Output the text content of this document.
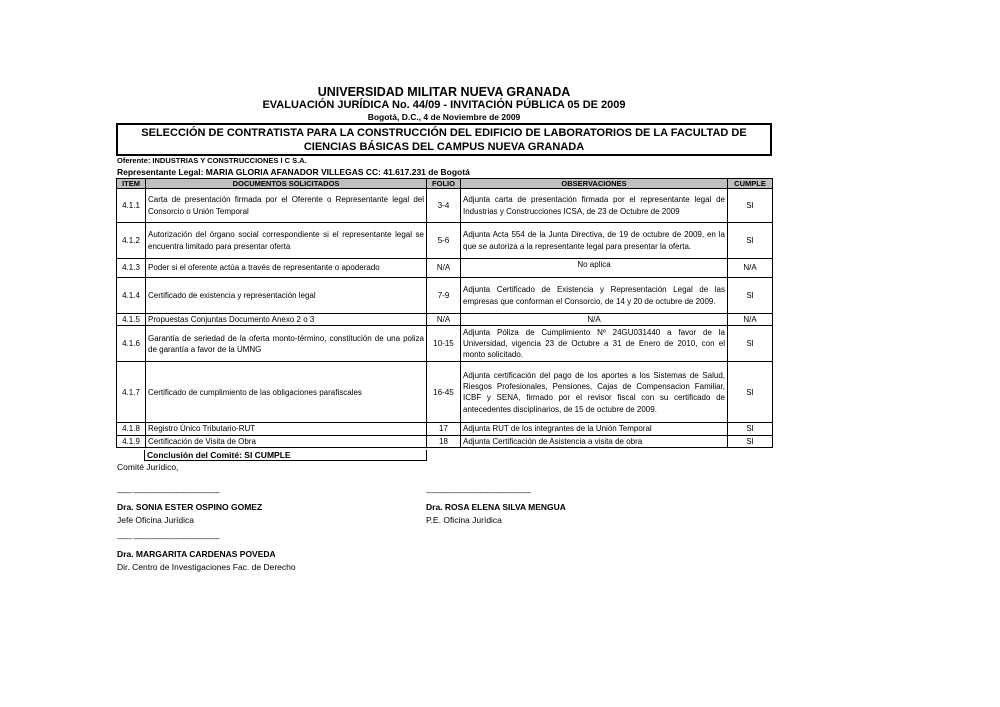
UNIVERSIDAD MILITAR NUEVA GRANADA
EVALUACIÓN JURÍDICA No. 44/09 - INVITACIÓN PÚBLICA 05 DE 2009
Bogotá, D.C., 4 de Noviembre de 2009
SELECCIÓN DE CONTRATISTA PARA LA CONSTRUCCIÓN DEL EDIFICIO DE LABORATORIOS DE LA FACULTAD DE
CIENCIAS BÁSICAS DEL CAMPUS NUEVA GRANADA
Oferente: INDUSTRIAS Y CONSTRUCCIONES I C S.A.
Representante Legal: MARIA GLORIA AFANADOR VILLEGAS CC: 41.617.231 de Bogotá
ITEM	DOCUMENTOS SOLICITADOS	FOLIO	OBSERVACIONES	CUMPLE
4.1.1	Carta de presentación firmada por el Oferente o Representante legal del Consorcio o Unión Temporal	3-4	Adjunta carta de presentación firmada por el representante legal de Industrias y Construcciones ICSA, de 23 de Octubre de 2009	SI
4.1.2	Autorización del órgano social correspondiente si el representante legal se encuentra limitado para presentar oferta	5-6	Adjunta Acta 554 de la Junta Directiva, de 19 de octubre de 2009, en la que se autoriza a la representante legal para presentar la oferta.	SI
4.1.3	Poder si el oferente actúa a través de representante o apoderado	N/A	No aplica	N/A
4.1.4	Certificado de existencia y representación legal	7-9	Adjunta Certificado de Existencia y Representación Legal de las empresas que conforman el Consorcio, de 14 y 20 de octubre de 2009.	SI
4.1.5	Propuestas Conjuntas Documento Anexo 2 o 3	N/A	N/A	N/A
4.1.6	Garantía de seriedad de la oferta monto-término, constitución de una poliza de garantía a favor de la UMNG	10-15	Adjunta Póliza de Cumplimiento Nº 24GU031440 a favor de la Universidad, vigencia 23 de Octubre a 31 de Enero de 2010, con el monto solicitado.	SI
4.1.7	Certificado de cumplimiento de las obligaciones parafiscales	16-45	Adjunta certificación del pago de los aportes a los Sistemas de Salud, Riesgos Profesionales, Pensiones, Cajas de Compensacion Familiar, ICBF y SENA, firmado por el revisor fiscal con su certificado de antecedentes disciplinarios, de 15 de octubre de 2009.	SI
4.1.8	Registro Único Tributario-RUT	17	Adjunta RUT de los integrantes de la Unión Temporal	SI
4.1.9	Certificación de Visita de Obra	18	Adjunta Certificación de Asistencia a visita de obra	SI
Conclusión del Comité: SI CUMPLE
Comité Jurídico,
-------- -----------------------------------------------
Dra. SONIA ESTER OSPINO GOMEZ
Jefe Oficina Jurídica
---------------------------------------------------------
Dra. ROSA ELENA SILVA MENGUA
P.E. Oficina Jurídica
-------- -----------------------------------------------
Dra. MARGARITA CARDENAS POVEDA
Dir. Centro de Investigaciones Fac. de Derecho
